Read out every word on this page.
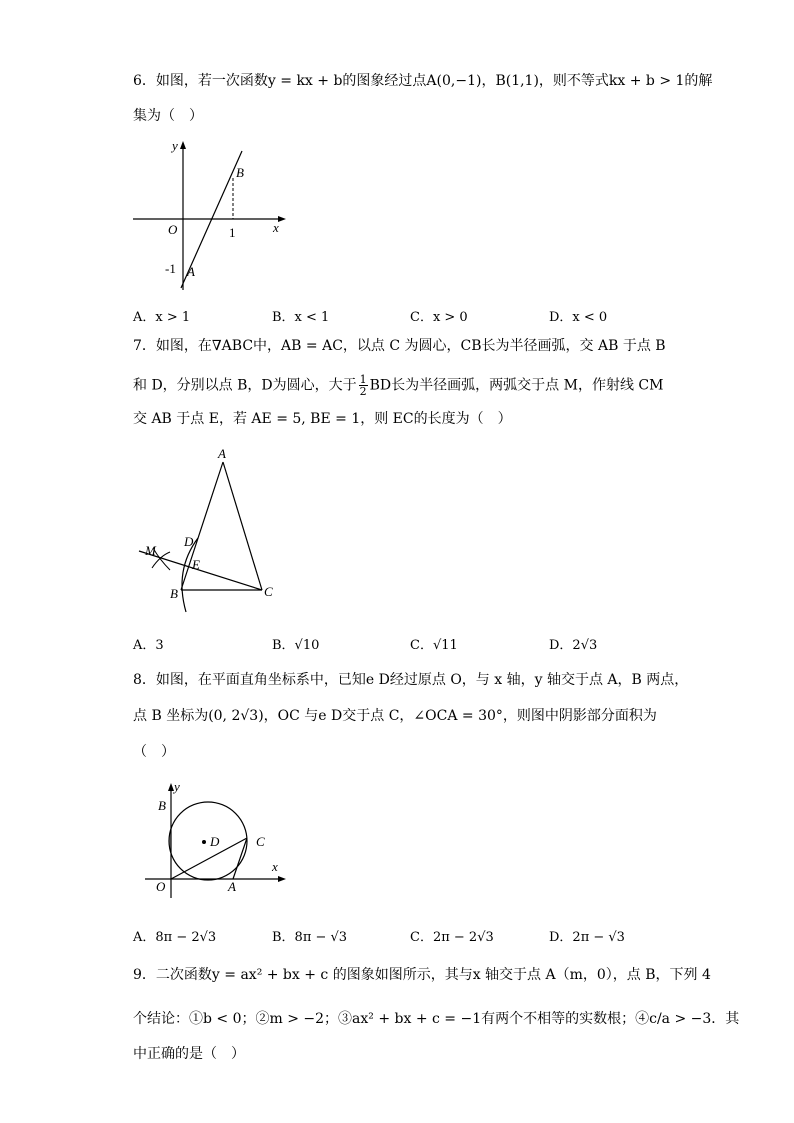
6．如图，若一次函数y = kx + b的图象经过点A(0,−1)，B(1,1)，则不等式kx + b > 1的解
集为（　）
y
B
O	1	x
-1 A
A．x > 1	B．x < 1	C．x > 0	D．x < 0
7．如图，在∇ABC中，AB = AC，以点 C 为圆心，CB长为半径画弧，交 AB 于点 B
和 D，分别以点 B，D为圆心，大于 $\frac{1}{2}$ BD长为半径画弧，两弧交于点 M，作射线 CM
交 AB 于点 E，若 AE = 5, BE = 1，则 EC的长度为（　）
A
D
M
E
B	C
A．3	B．√10	C．√11	D．2√3
8．如图，在平面直角坐标系中，已知e D经过原点 O，与 x 轴，y 轴交于点 A，B 两点，
点 B 坐标为(0, 2√3)，OC 与e D交于点 C，∠OCA = 30°，则图中阴影部分面积为
（　）
y
B
D	C
x
O	A
A．8π − 2√3	B．8π − √3	C．2π − 2√3	D．2π − √3
9．二次函数y = ax² + bx + c 的图象如图所示，其与x 轴交于点 A（m，0），点 B，下列 4
个结论：①b < 0；②m > −2；③ax² + bx + c = −1有两个不相等的实数根；④c/a > −3．其
中正确的是（　）
